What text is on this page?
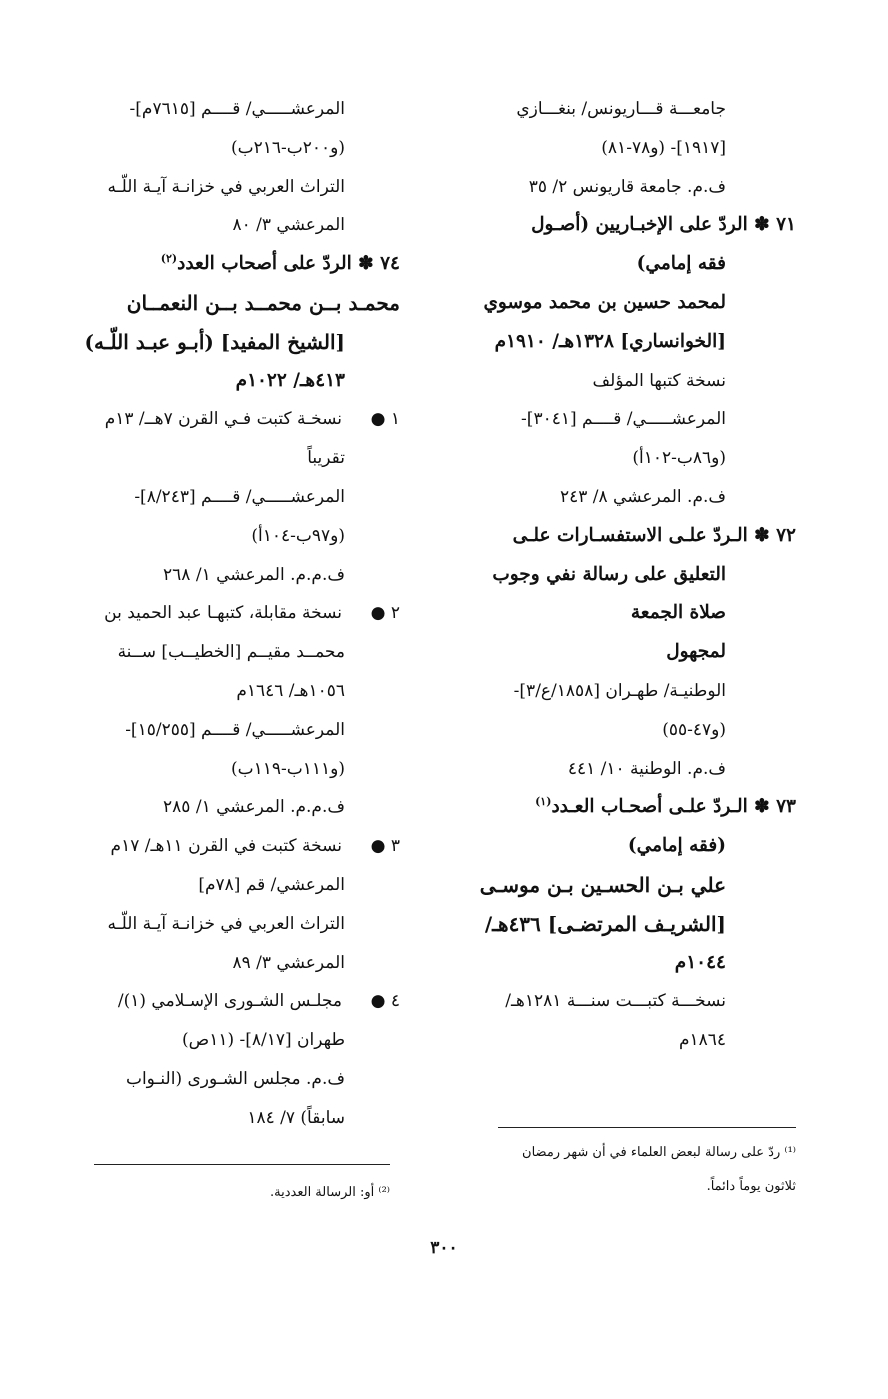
جامعـــة قـــاريونس/ بنغـــازي
[١٩١٧]- (و٧٨-٨١)
ف.م. جامعة قاريونس ٢/ ٣٥
٧١ ✽ الردّ على الإخبـاريين (أصـول
فقه إمامي)
لمحمد حسين بن محمد موسوي
[الخوانساري] ١٣٢٨هـ/ ١٩١٠م
نسخة كتبها المؤلف
المرعشـــــي/ قــــم [٣٠٤١]-
(و٨٦ب-١٠٢أ)
ف.م. المرعشي ٨/ ٢٤٣
٧٢ ✽ الـردّ علـى الاستفسـارات علـى
التعليق على رسالة نفي وجوب
صلاة الجمعة
لمجهول
الوطنيـة/ طهـران [١٨٥٨/ع/٣]-
(و٤٧-٥٥)
ف.م. الوطنية ١٠/ ٤٤١
٧٣ ✽ الـردّ علـى أصحـاب العـدد$^{(١)}$
(فقه إمامي)
علي بـن الحسـين بـن موسـى
[الشريـف المرتضـى] ٤٣٦هـ/
١٠٤٤م
نسخـــة كتبـــت سنـــة ١٢٨١هـ/
١٨٦٤م
المرعشـــــي/ قــــم [٧٦١٥م]-
(و٢٠٠ب-٢١٦ب)
التراث العربي في خزانـة آيـة اللّـه
المرعشي ٣/ ٨٠
٧٤ ✽ الردّ على أصحاب العدد$^{(٢)}$
محمـد بــن محمــد بــن النعمــان
[الشيخ المفيد] (أبـو عبـد اللّـه)
٤١٣هـ/ ١٠٢٢م
١ ●نسخـة كتبت فـي القرن ٧هــ/ ١٣م
تقريباً
المرعشـــــي/ قــــم [٨/٢٤٣]-
(و٩٧ب-١٠٤أ)
ف.م.م. المرعشي ١/ ٢٦٨
٢ ●نسخة مقابلة، كتبهـا عبد الحميد بن
محمــد مقيــم [الخطيــب] ســنة
١٠٥٦هـ/ ١٦٤٦م
المرعشـــــي/ قــــم [١٥/٢٥٥]-
(و١١١ب-١١٩ب)
ف.م.م. المرعشي ١/ ٢٨٥
٣ ●نسخة كتبت في القرن ١١هـ/ ١٧م
المرعشي/ قم [٧٨م]
التراث العربي في خزانـة آيـة اللّـه
المرعشي ٣/ ٨٩
٤ ●مجلـس الشـورى الإسـلامي (١)/
طهران [٨/١٧]- (١١ص)
ف.م. مجلس الشـورى (النـواب
سابقاً) ٧/ ١٨٤
⁽¹⁾ ردّ على رسالة لبعض العلماء في أن شهر رمضان
ثلاثون يوماً دائماً.
⁽²⁾ أو: الرسالة العددية.
٣٠٠
